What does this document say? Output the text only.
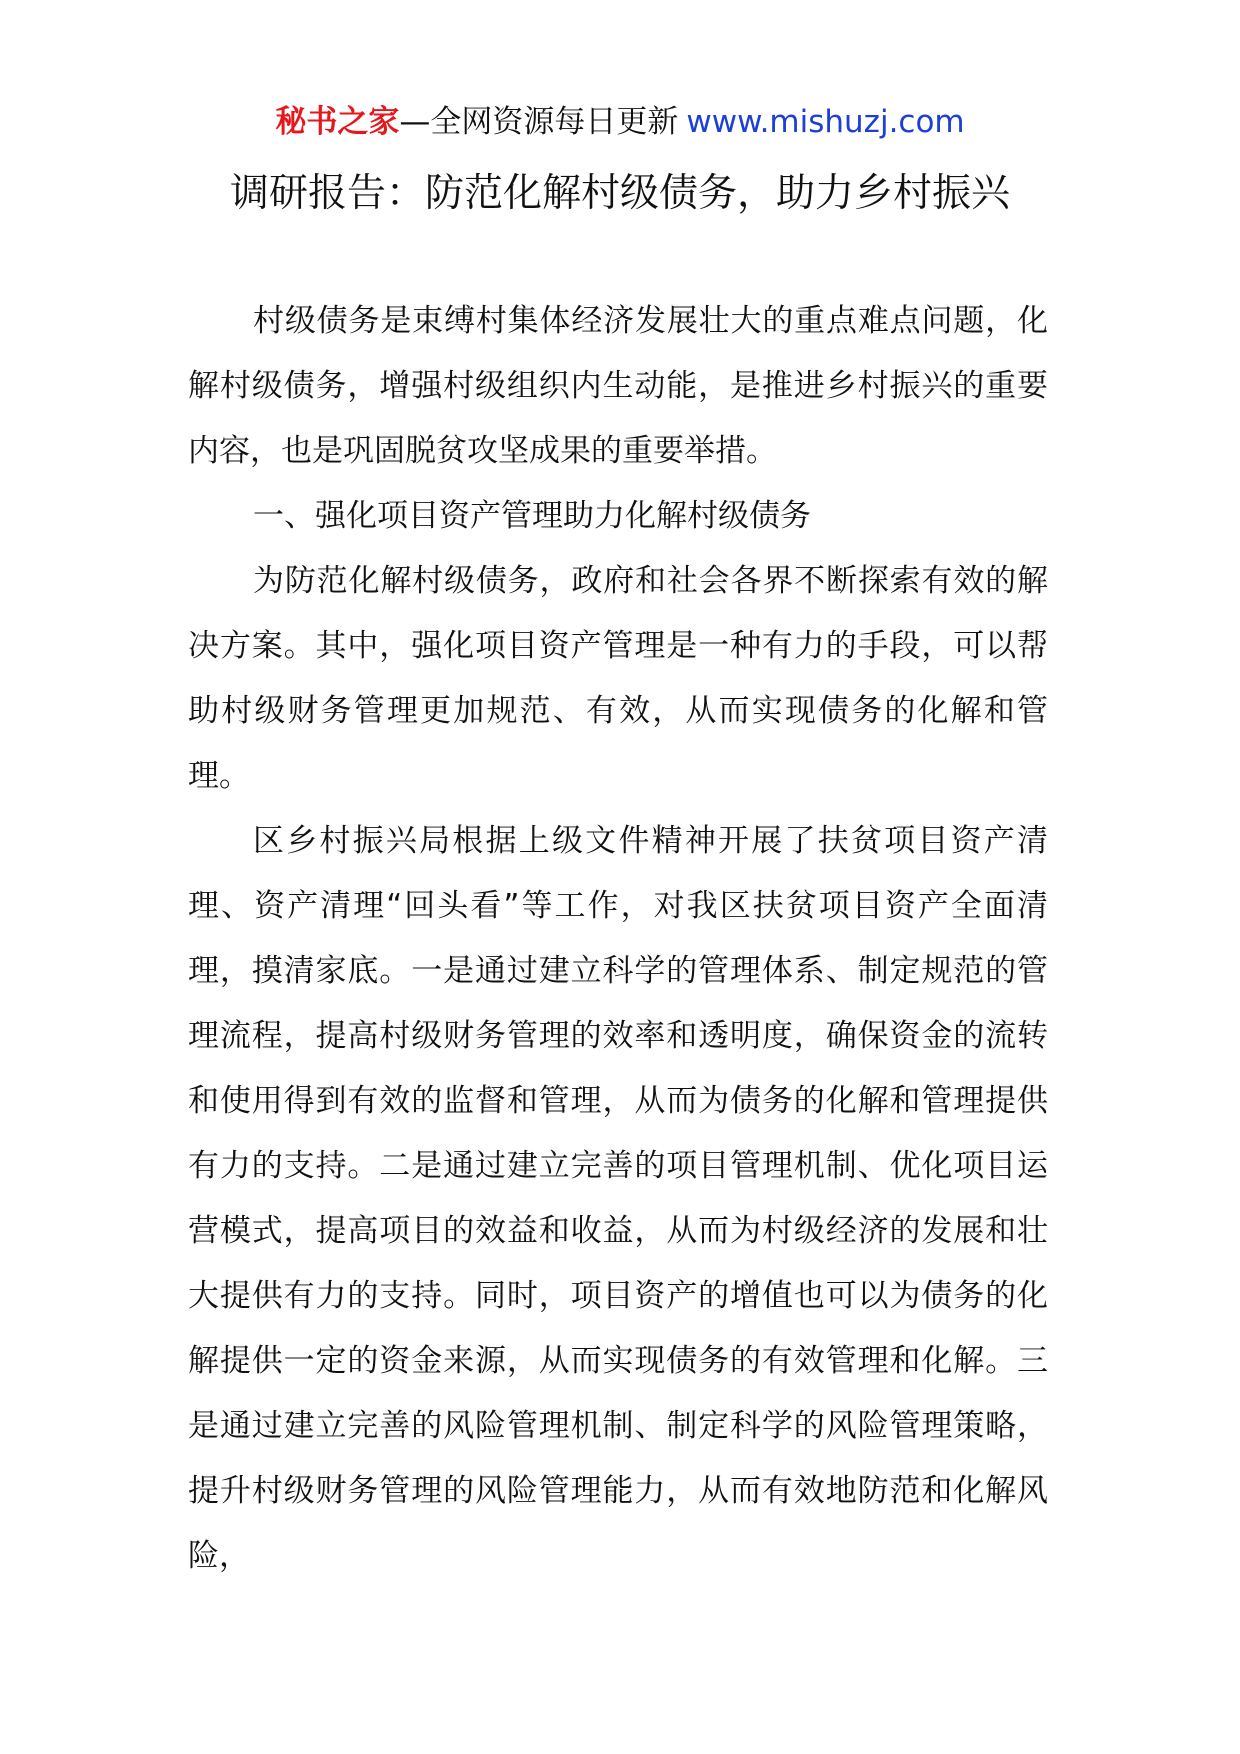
秘书之家—全网资源每日更新 www.mishuzj.com
调研报告：防范化解村级债务，助力乡村振兴

村级债务是束缚村集体经济发展壮大的重点难点问题，化解村级债务，增强村级组织内生动能，是推进乡村振兴的重要内容，也是巩固脱贫攻坚成果的重要举措。

一、强化项目资产管理助力化解村级债务

为防范化解村级债务，政府和社会各界不断探索有效的解决方案。其中，强化项目资产管理是一种有力的手段，可以帮助村级财务管理更加规范、有效，从而实现债务的化解和管理。

区乡村振兴局根据上级文件精神开展了扶贫项目资产清理、资产清理“回头看”等工作，对我区扶贫项目资产全面清理，摸清家底。一是通过建立科学的管理体系、制定规范的管理流程，提高村级财务管理的效率和透明度，确保资金的流转和使用得到有效的监督和管理，从而为债务的化解和管理提供有力的支持。二是通过建立完善的项目管理机制、优化项目运营模式，提高项目的效益和收益，从而为村级经济的发展和壮大提供有力的支持。同时，项目资产的增值也可以为债务的化解提供一定的资金来源，从而实现债务的有效管理和化解。三是通过建立完善的风险管理机制、制定科学的风险管理策略，提升村级财务管理的风险管理能力，从而有效地防范和化解风险，
